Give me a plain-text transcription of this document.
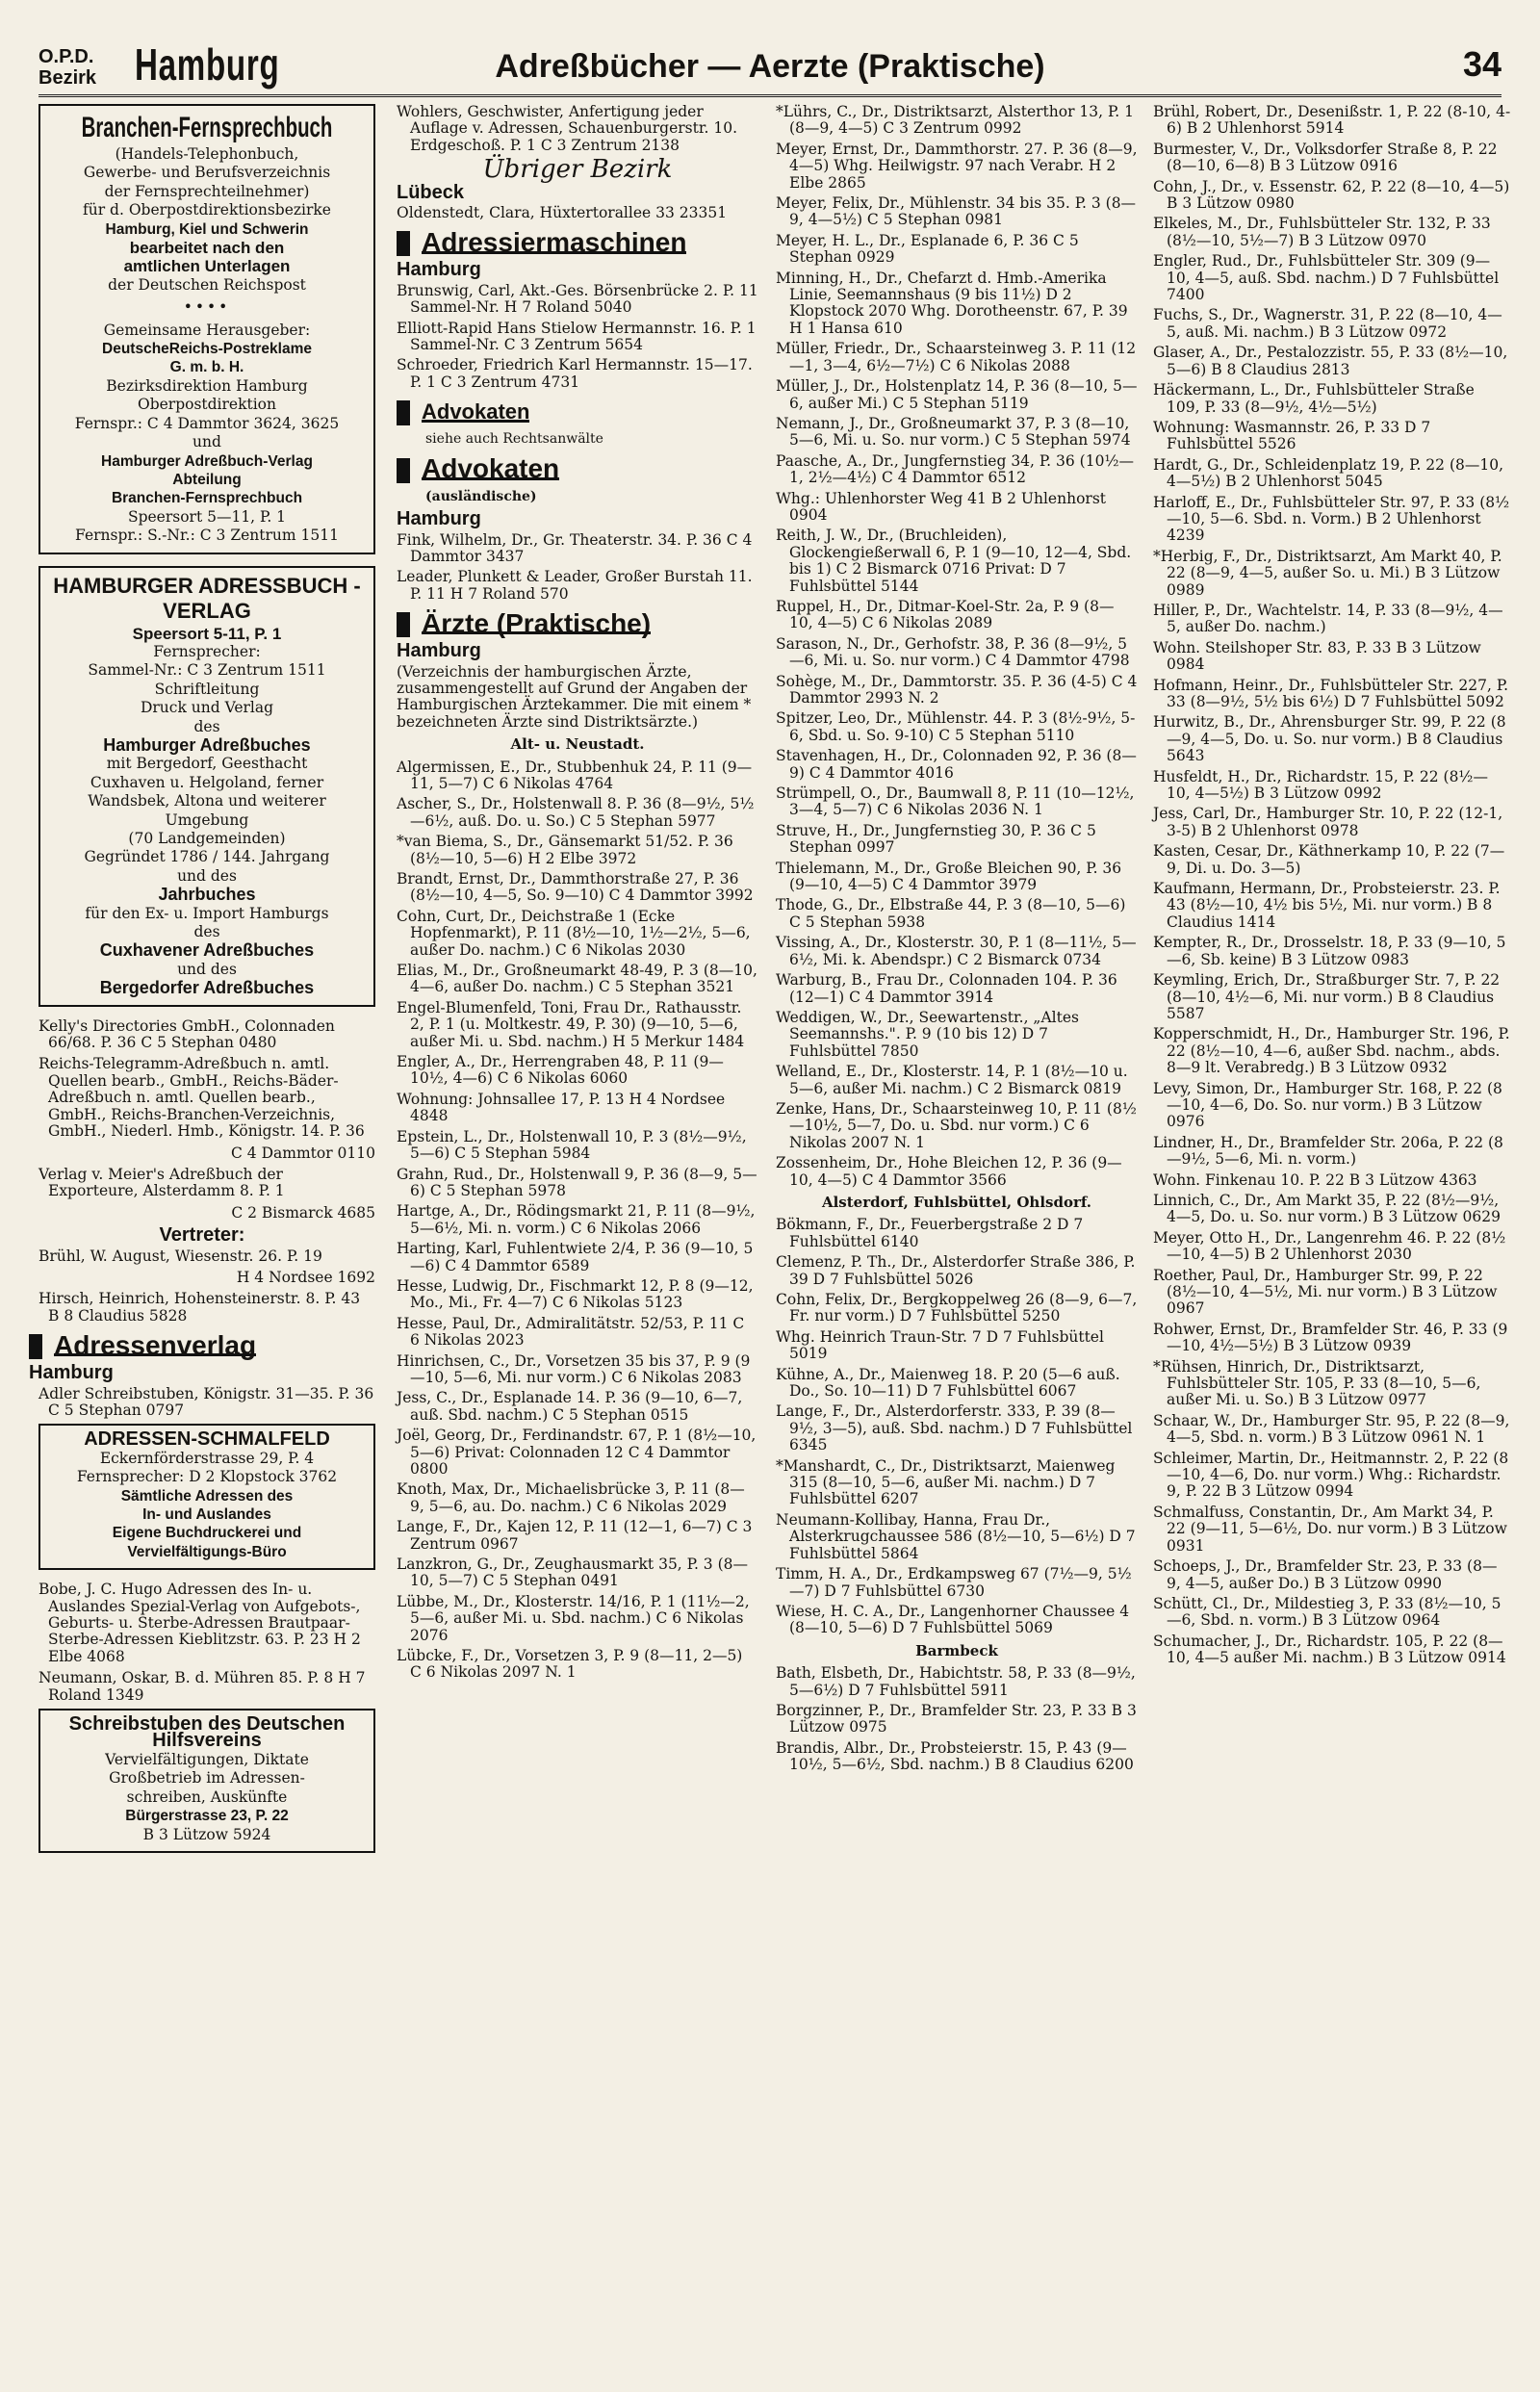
O.P.D.
Bezirk Hamburg	Adreßbücher — Aerzte (Praktische)	34
Branchen-Fernsprechbuch

(Handels-Telephonbuch,

Gewerbe- und Berufsverzeichnis

der Fernsprechteilnehmer)

für d. Oberpostdirektionsbezirke

Hamburg, Kiel und Schwerin

bearbeitet nach den

amtlichen Unterlagen

der Deutschen Reichspost

••••

Gemeinsame Herausgeber:

DeutscheReichs-Postreklame

G. m. b. H.

Bezirksdirektion Hamburg

Oberpostdirektion

Fernspr.: C 4 Dammtor 3624, 3625

und

Hamburger Adreßbuch-Verlag

Abteilung

Branchen-Fernsprechbuch

Speersort 5—11, P. 1

Fernspr.: S.-Nr.: C 3 Zentrum 1511

HAMBURGER ADRESSBUCH - VERLAG

Speersort 5-11, P. 1

Fernsprecher:

Sammel-Nr.: C 3 Zentrum 1511

Schriftleitung

Druck und Verlag

des

Hamburger Adreßbuches

mit Bergedorf, Geesthacht

Cuxhaven u. Helgoland, ferner

Wandsbek, Altona und weiterer

Umgebung

(70 Landgemeinden)

Gegründet 1786 / 144. Jahrgang

und des

Jahrbuches

für den Ex- u. Import Hamburgs

des

Cuxhavener Adreßbuches

und des

Bergedorfer Adreßbuches

Kelly's Directories GmbH., Colonnaden 66/68. P. 36 C 5 Stephan 0480

Reichs-Telegramm-Adreßbuch n. amtl. Quellen bearb., GmbH., Reichs-Bäder-Adreßbuch n. amtl. Quellen bearb., GmbH., Reichs-Branchen-Verzeichnis, GmbH., Niederl. Hmb., Königstr. 14. P. 36

C 4 Dammtor 0110

Verlag v. Meier's Adreßbuch der Exporteure, Alsterdamm 8. P. 1

C 2 Bismarck 4685

Vertreter:

Brühl, W. August, Wiesenstr. 26. P. 19

H 4 Nordsee 1692

Hirsch, Heinrich, Hohensteinerstr. 8. P. 43 B 8 Claudius 5828

Adressenverlag
Hamburg

Adler Schreibstuben, Königstr. 31—35. P. 36 C 5 Stephan 0797

ADRESSEN-SCHMALFELD

Eckernförderstrasse 29, P. 4

Fernsprecher: D 2 Klopstock 3762

Sämtliche Adressen des

In- und Auslandes

Eigene Buchdruckerei und

Vervielfältigungs-Büro

Bobe, J. C. Hugo Adressen des In- u. Auslandes Spezial-Verlag von Aufgebots-, Geburts- u. Sterbe-Adressen Brautpaar-Sterbe-Adressen Kieblitzstr. 63. P. 23 H 2 Elbe 4068

Neumann, Oskar, B. d. Mühren 85. P. 8 H 7 Roland 1349

Schreibstuben des Deutschen Hilfsvereins

Vervielfältigungen, Diktate

Großbetrieb im Adressen-

schreiben, Auskünfte

Bürgerstrasse 23, P. 22

B 3 Lützow 5924

Wohlers, Geschwister, Anfertigung jeder Auflage v. Adressen, Schauenburgerstr. 10. Erdgeschoß. P. 1 C 3 Zentrum 2138
Übriger Bezirk
Lübeck
Oldenstedt, Clara, Hüxtertorallee 33 23351
Adressiermaschinen
Hamburg
Brunswig, Carl, Akt.-Ges. Börsenbrücke 2. P. 11 Sammel-Nr. H 7 Roland 5040
Elliott-Rapid Hans Stielow Hermannstr. 16. P. 1 Sammel-Nr. C 3 Zentrum 5654
Schroeder, Friedrich Karl Hermannstr. 15—17. P. 1 C 3 Zentrum 4731
Advokaten
siehe auch Rechtsanwälte
Advokaten
(ausländische)
Hamburg
Fink, Wilhelm, Dr., Gr. Theaterstr. 34. P. 36 C 4 Dammtor 3437
Leader, Plunkett & Leader, Großer Burstah 11. P. 11 H 7 Roland 570
Ärzte (Praktische)
Hamburg
(Verzeichnis der hamburgischen Ärzte, zusammengestellt auf Grund der Angaben der Hamburgischen Ärztekammer. Die mit einem * bezeichneten Ärzte sind Distriktsärzte.)
Alt- u. Neustadt.
Algermissen, E., Dr., Stubbenhuk 24, P. 11 (9—11, 5—7) C 6 Nikolas 4764
Ascher, S., Dr., Holstenwall 8. P. 36 (8—9½, 5½—6½, auß. Do. u. So.) C 5 Stephan 5977
*van Biema, S., Dr., Gänsemarkt 51/52. P. 36 (8½—10, 5—6) H 2 Elbe 3972
Brandt, Ernst, Dr., Dammthorstraße 27, P. 36 (8½—10, 4—5, So. 9—10) C 4 Dammtor 3992
Cohn, Curt, Dr., Deichstraße 1 (Ecke Hopfenmarkt), P. 11 (8½—10, 1½—2½, 5—6, außer Do. nachm.) C 6 Nikolas 2030
Elias, M., Dr., Großneumarkt 48-49, P. 3 (8—10, 4—6, außer Do. nachm.) C 5 Stephan 3521
Engel-Blumenfeld, Toni, Frau Dr., Rathausstr. 2, P. 1 (u. Moltkestr. 49, P. 30) (9—10, 5—6, außer Mi. u. Sbd. nachm.) H 5 Merkur 1484
Engler, A., Dr., Herrengraben 48, P. 11 (9—10½, 4—6) C 6 Nikolas 6060
Wohnung: Johnsallee 17, P. 13 H 4 Nordsee 4848
Epstein, L., Dr., Holstenwall 10, P. 3 (8½—9½, 5—6) C 5 Stephan 5984
Grahn, Rud., Dr., Holstenwall 9, P. 36 (8—9, 5—6) C 5 Stephan 5978
Hartge, A., Dr., Rödingsmarkt 21, P. 11 (8—9½, 5—6½, Mi. n. vorm.) C 6 Nikolas 2066
Harting, Karl, Fuhlentwiete 2/4, P. 36 (9—10, 5—6) C 4 Dammtor 6589
Hesse, Ludwig, Dr., Fischmarkt 12, P. 8 (9—12, Mo., Mi., Fr. 4—7) C 6 Nikolas 5123
Hesse, Paul, Dr., Admiralitätstr. 52/53, P. 11 C 6 Nikolas 2023
Hinrichsen, C., Dr., Vorsetzen 35 bis 37, P. 9 (9—10, 5—6, Mi. nur vorm.) C 6 Nikolas 2083
Jess, C., Dr., Esplanade 14. P. 36 (9—10, 6—7, auß. Sbd. nachm.) C 5 Stephan 0515
Joël, Georg, Dr., Ferdinandstr. 67, P. 1 (8½—10, 5—6) Privat: Colonnaden 12 C 4 Dammtor 0800
Knoth, Max, Dr., Michaelisbrücke 3, P. 11 (8—9, 5—6, au. Do. nachm.) C 6 Nikolas 2029
Lange, F., Dr., Kajen 12, P. 11 (12—1, 6—7) C 3 Zentrum 0967
Lanzkron, G., Dr., Zeughausmarkt 35, P. 3 (8—10, 5—7) C 5 Stephan 0491
Lübbe, M., Dr., Klosterstr. 14/16, P. 1 (11½—2, 5—6, außer Mi. u. Sbd. nachm.) C 6 Nikolas 2076
Lübcke, F., Dr., Vorsetzen 3, P. 9 (8—11, 2—5) C 6 Nikolas 2097 N. 1
*Lührs, C., Dr., Distriktsarzt, Alsterthor 13, P. 1 (8—9, 4—5) C 3 Zentrum 0992
Meyer, Ernst, Dr., Dammthorstr. 27. P. 36 (8—9, 4—5) Whg. Heilwigstr. 97 nach Verabr. H 2 Elbe 2865
Meyer, Felix, Dr., Mühlenstr. 34 bis 35. P. 3 (8—9, 4—5½) C 5 Stephan 0981
Meyer, H. L., Dr., Esplanade 6, P. 36 C 5 Stephan 0929
Minning, H., Dr., Chefarzt d. Hmb.-Amerika Linie, Seemannshaus (9 bis 11½) D 2 Klopstock 2070 Whg. Dorotheenstr. 67, P. 39 H 1 Hansa 610
Müller, Friedr., Dr., Schaarsteinweg 3. P. 11 (12—1, 3—4, 6½—7½) C 6 Nikolas 2088
Müller, J., Dr., Holstenplatz 14, P. 36 (8—10, 5—6, außer Mi.) C 5 Stephan 5119
Nemann, J., Dr., Großneumarkt 37, P. 3 (8—10, 5—6, Mi. u. So. nur vorm.) C 5 Stephan 5974
Paasche, A., Dr., Jungfernstieg 34, P. 36 (10½—1, 2½—4½) C 4 Dammtor 6512
Whg.: Uhlenhorster Weg 41 B 2 Uhlenhorst 0904
Reith, J. W., Dr., (Bruchleiden), Glockengießerwall 6, P. 1 (9—10, 12—4, Sbd. bis 1) C 2 Bismarck 0716 Privat: D 7 Fuhlsbüttel 5144
Ruppel, H., Dr., Ditmar-Koel-Str. 2a, P. 9 (8—10, 4—5) C 6 Nikolas 2089
Sarason, N., Dr., Gerhofstr. 38, P. 36 (8—9½, 5—6, Mi. u. So. nur vorm.) C 4 Dammtor 4798
Sohège, M., Dr., Dammtorstr. 35. P. 36 (4-5) C 4 Dammtor 2993 N. 2
Spitzer, Leo, Dr., Mühlenstr. 44. P. 3 (8½-9½, 5-6, Sbd. u. So. 9-10) C 5 Stephan 5110
Stavenhagen, H., Dr., Colonnaden 92, P. 36 (8—9) C 4 Dammtor 4016
Strümpell, O., Dr., Baumwall 8, P. 11 (10—12½, 3—4, 5—7) C 6 Nikolas 2036 N. 1
Struve, H., Dr., Jungfernstieg 30, P. 36 C 5 Stephan 0997
Thielemann, M., Dr., Große Bleichen 90, P. 36 (9—10, 4—5) C 4 Dammtor 3979
Thode, G., Dr., Elbstraße 44, P. 3 (8—10, 5—6) C 5 Stephan 5938
Vissing, A., Dr., Klosterstr. 30, P. 1 (8—11½, 5—6½, Mi. k. Abendspr.) C 2 Bismarck 0734
Warburg, B., Frau Dr., Colonnaden 104. P. 36 (12—1) C 4 Dammtor 3914
Weddigen, W., Dr., Seewartenstr., „Altes Seemannshs.". P. 9 (10 bis 12) D 7 Fuhlsbüttel 7850
Welland, E., Dr., Klosterstr. 14, P. 1 (8½—10 u. 5—6, außer Mi. nachm.) C 2 Bismarck 0819
Zenke, Hans, Dr., Schaarsteinweg 10, P. 11 (8½—10½, 5—7, Do. u. Sbd. nur vorm.) C 6 Nikolas 2007 N. 1
Zossenheim, Dr., Hohe Bleichen 12, P. 36 (9—10, 4—5) C 4 Dammtor 3566
Alsterdorf, Fuhlsbüttel, Ohlsdorf.
Bökmann, F., Dr., Feuerbergstraße 2 D 7 Fuhlsbüttel 6140
Clemenz, P. Th., Dr., Alsterdorfer Straße 386, P. 39 D 7 Fuhlsbüttel 5026
Cohn, Felix, Dr., Bergkoppelweg 26 (8—9, 6—7, Fr. nur vorm.) D 7 Fuhlsbüttel 5250
Whg. Heinrich Traun-Str. 7 D 7 Fuhlsbüttel 5019
Kühne, A., Dr., Maienweg 18. P. 20 (5—6 auß. Do., So. 10—11) D 7 Fuhlsbüttel 6067
Lange, F., Dr., Alsterdorferstr. 333, P. 39 (8—9½, 3—5), auß. Sbd. nachm.) D 7 Fuhlsbüttel 6345
*Manshardt, C., Dr., Distriktsarzt, Maienweg 315 (8—10, 5—6, außer Mi. nachm.) D 7 Fuhlsbüttel 6207
Neumann-Kollibay, Hanna, Frau Dr., Alsterkrugchaussee 586 (8½—10, 5—6½) D 7 Fuhlsbüttel 5864
Timm, H. A., Dr., Erdkampsweg 67 (7½—9, 5½—7) D 7 Fuhlsbüttel 6730
Wiese, H. C. A., Dr., Langenhorner Chaussee 4 (8—10, 5—6) D 7 Fuhlsbüttel 5069
Barmbeck
Bath, Elsbeth, Dr., Habichtstr. 58, P. 33 (8—9½, 5—6½) D 7 Fuhlsbüttel 5911
Borgzinner, P., Dr., Bramfelder Str. 23, P. 33 B 3 Lützow 0975
Brandis, Albr., Dr., Probsteierstr. 15, P. 43 (9—10½, 5—6½, Sbd. nachm.) B 8 Claudius 6200
Brühl, Robert, Dr., Desenißstr. 1, P. 22 (8-10, 4-6) B 2 Uhlenhorst 5914
Burmester, V., Dr., Volksdorfer Straße 8, P. 22 (8—10, 6—8) B 3 Lützow 0916
Cohn, J., Dr., v. Essenstr. 62, P. 22 (8—10, 4—5) B 3 Lützow 0980
Elkeles, M., Dr., Fuhlsbütteler Str. 132, P. 33 (8½—10, 5½—7) B 3 Lützow 0970
Engler, Rud., Dr., Fuhlsbütteler Str. 309 (9—10, 4—5, auß. Sbd. nachm.) D 7 Fuhlsbüttel 7400
Fuchs, S., Dr., Wagnerstr. 31, P. 22 (8—10, 4—5, auß. Mi. nachm.) B 3 Lützow 0972
Glaser, A., Dr., Pestalozzistr. 55, P. 33 (8½—10, 5—6) B 8 Claudius 2813
Häckermann, L., Dr., Fuhlsbütteler Straße 109, P. 33 (8—9½, 4½—5½)
Wohnung: Wasmannstr. 26, P. 33 D 7 Fuhlsbüttel 5526
Hardt, G., Dr., Schleidenplatz 19, P. 22 (8—10, 4—5½) B 2 Uhlenhorst 5045
Harloff, E., Dr., Fuhlsbütteler Str. 97, P. 33 (8½—10, 5—6. Sbd. n. Vorm.) B 2 Uhlenhorst 4239
*Herbig, F., Dr., Distriktsarzt, Am Markt 40, P. 22 (8—9, 4—5, außer So. u. Mi.) B 3 Lützow 0989
Hiller, P., Dr., Wachtelstr. 14, P. 33 (8—9½, 4—5, außer Do. nachm.)
Wohn. Steilshoper Str. 83, P. 33 B 3 Lützow 0984
Hofmann, Heinr., Dr., Fuhlsbütteler Str. 227, P. 33 (8—9½, 5½ bis 6½) D 7 Fuhlsbüttel 5092
Hurwitz, B., Dr., Ahrensburger Str. 99, P. 22 (8—9, 4—5, Do. u. So. nur vorm.) B 8 Claudius 5643
Husfeldt, H., Dr., Richardstr. 15, P. 22 (8½—10, 4—5½) B 3 Lützow 0992
Jess, Carl, Dr., Hamburger Str. 10, P. 22 (12-1, 3-5) B 2 Uhlenhorst 0978
Kasten, Cesar, Dr., Käthnerkamp 10, P. 22 (7—9, Di. u. Do. 3—5)
Kaufmann, Hermann, Dr., Probsteierstr. 23. P. 43 (8½—10, 4½ bis 5½, Mi. nur vorm.) B 8 Claudius 1414
Kempter, R., Dr., Drosselstr. 18, P. 33 (9—10, 5—6, Sb. keine) B 3 Lützow 0983
Keymling, Erich, Dr., Straßburger Str. 7, P. 22 (8—10, 4½—6, Mi. nur vorm.) B 8 Claudius 5587
Kopperschmidt, H., Dr., Hamburger Str. 196, P. 22 (8½—10, 4—6, außer Sbd. nachm., abds. 8—9 lt. Verabredg.) B 3 Lützow 0932
Levy, Simon, Dr., Hamburger Str. 168, P. 22 (8—10, 4—6, Do. So. nur vorm.) B 3 Lützow 0976
Lindner, H., Dr., Bramfelder Str. 206a, P. 22 (8—9½, 5—6, Mi. n. vorm.)
Wohn. Finkenau 10. P. 22 B 3 Lützow 4363
Linnich, C., Dr., Am Markt 35, P. 22 (8½—9½, 4—5, Do. u. So. nur vorm.) B 3 Lützow 0629
Meyer, Otto H., Dr., Langenrehm 46. P. 22 (8½—10, 4—5) B 2 Uhlenhorst 2030
Roether, Paul, Dr., Hamburger Str. 99, P. 22 (8½—10, 4—5½, Mi. nur vorm.) B 3 Lützow 0967
Rohwer, Ernst, Dr., Bramfelder Str. 46, P. 33 (9—10, 4½—5½) B 3 Lützow 0939
*Rühsen, Hinrich, Dr., Distriktsarzt, Fuhlsbütteler Str. 105, P. 33 (8—10, 5—6, außer Mi. u. So.) B 3 Lützow 0977
Schaar, W., Dr., Hamburger Str. 95, P. 22 (8—9, 4—5, Sbd. n. vorm.) B 3 Lützow 0961 N. 1
Schleimer, Martin, Dr., Heitmannstr. 2, P. 22 (8—10, 4—6, Do. nur vorm.) Whg.: Richardstr. 9, P. 22 B 3 Lützow 0994
Schmalfuss, Constantin, Dr., Am Markt 34, P. 22 (9—11, 5—6½, Do. nur vorm.) B 3 Lützow 0931
Schoeps, J., Dr., Bramfelder Str. 23, P. 33 (8—9, 4—5, außer Do.) B 3 Lützow 0990
Schütt, Cl., Dr., Mildestieg 3, P. 33 (8½—10, 5—6, Sbd. n. vorm.) B 3 Lützow 0964
Schumacher, J., Dr., Richardstr. 105, P. 22 (8—10, 4—5 außer Mi. nachm.) B 3 Lützow 0914
